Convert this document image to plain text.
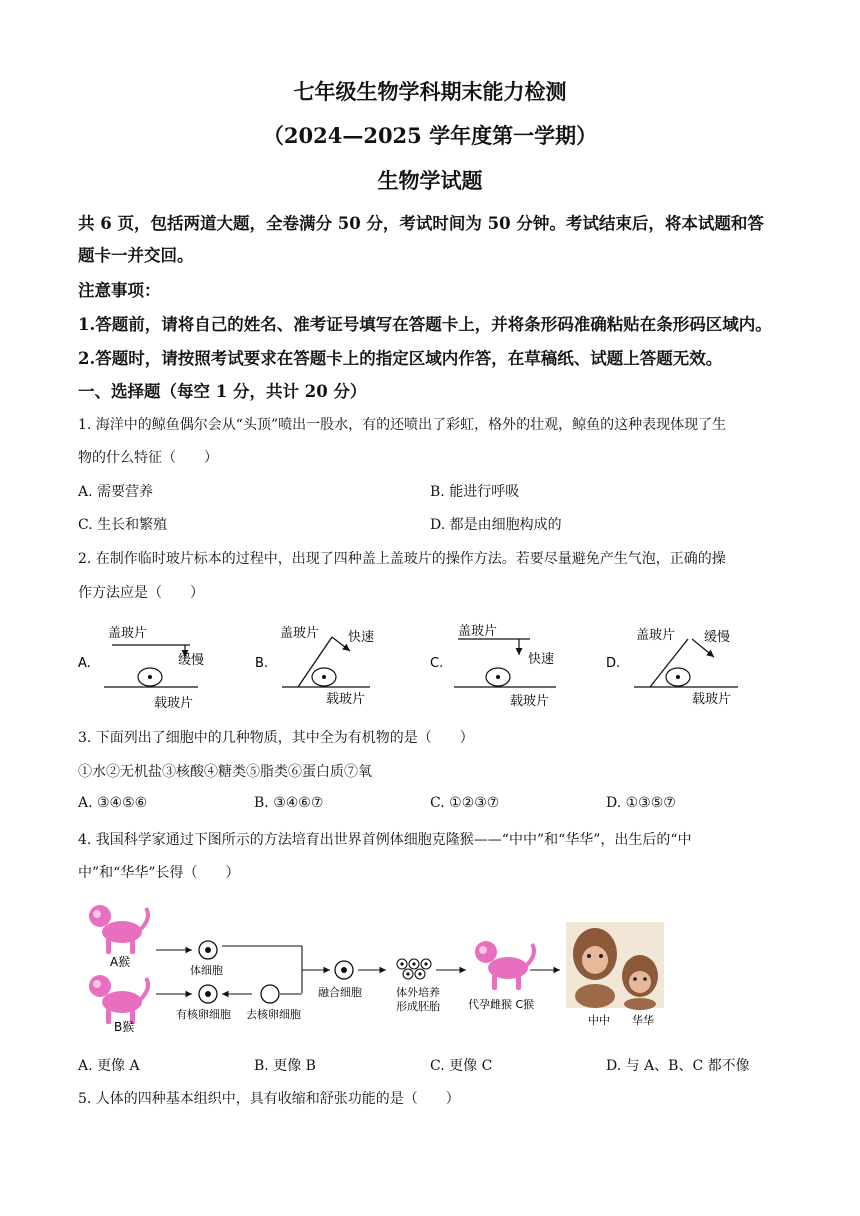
七年级生物学科期末能力检测
（2024—2025 学年度第一学期）
生物学试题
共 6 页，包括两道大题，全卷满分 50 分，考试时间为 50 分钟。考试结束后，将本试题和答
题卡一并交回。
注意事项：
1.答题前，请将自己的姓名、准考证号填写在答题卡上，并将条形码准确粘贴在条形码区域内。
2.答题时，请按照考试要求在答题卡上的指定区域内作答，在草稿纸、试题上答题无效。
一、选择题（每空 1 分，共计 20 分）
1. 海洋中的鲸鱼偶尔会从“头顶”喷出一股水，有的还喷出了彩虹，格外的壮观，鲸鱼的这种表现体现了生
物的什么特征（　　）
A. 需要营养	B. 能进行呼吸
C. 生长和繁殖	D. 都是由细胞构成的
2. 在制作临时玻片标本的过程中，出现了四种盖上盖玻片的操作方法。若要尽量避免产生气泡，正确的操
作方法应是（　　）
A.
盖玻片
缓慢
载玻片
B.
盖玻片 快速
载玻片
C.
盖玻片
快速
载玻片
D.
盖玻片 缓慢
载玻片
3. 下面列出了细胞中的几种物质，其中全为有机物的是（　　）
①水②无机盐③核酸④糖类⑤脂类⑥蛋白质⑦氧
A. ③④⑤⑥	B. ③④⑥⑦	C. ①②③⑦	D. ①③⑤⑦
4. 我国科学家通过下图所示的方法培育出世界首例体细胞克隆猴——“中中”和“华华”，出生后的“中
中”和“华华”长得（　　）
A猴
B猴
体细胞
有核卵细胞 去核卵细胞
融合细胞	体外培养
形成胚胎	代孕雌猴 C猴
中中 华华
A. 更像 A	B. 更像 B	C. 更像 C	D. 与 A、B、C 都不像
5. 人体的四种基本组织中，具有收缩和舒张功能的是（　　）
